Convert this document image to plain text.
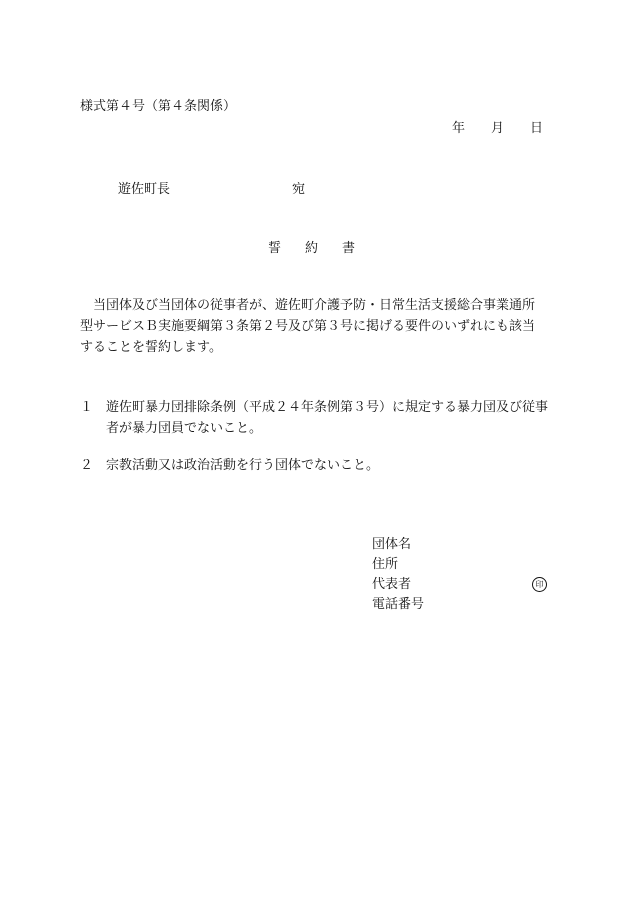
様式第４号（第４条関係）
年 月 日
遊佐町長	宛
誓 約 書
当団体及び当団体の従事者が、遊佐町介護予防・日常生活支援総合事業通所
型サービスＢ実施要綱第３条第２号及び第３号に掲げる要件のいずれにも該当
することを誓約します。
１ 遊佐町暴力団排除条例（平成２４年条例第３号）に規定する暴力団及び従事
者が暴力団員でないこと。
２ 宗教活動又は政治活動を行う団体でないこと。
団体名
住所
代表者	印
電話番号
